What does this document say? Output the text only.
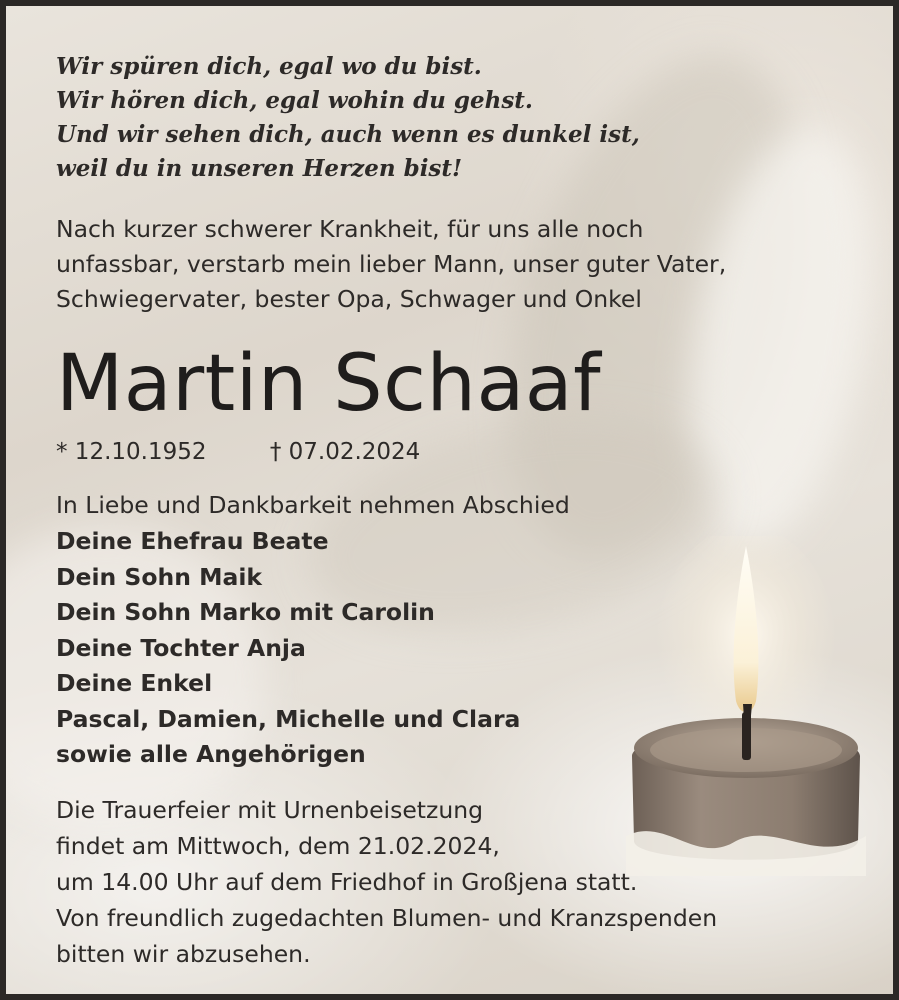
Wir spüren dich, egal wo du bist.
Wir hören dich, egal wohin du gehst.
Und wir sehen dich, auch wenn es dunkel ist,
weil du in unseren Herzen bist!
Nach kurzer schwerer Krankheit, für uns alle noch
unfassbar, verstarb mein lieber Mann, unser guter Vater,
Schwiegervater, bester Opa, Schwager und Onkel
Martin Schaaf
* 12.10.1952	† 07.02.2024
In Liebe und Dankbarkeit nehmen Abschied
Deine Ehefrau Beate
Dein Sohn Maik
Dein Sohn Marko mit Carolin
Deine Tochter Anja
Deine Enkel
Pascal, Damien, Michelle und Clara
sowie alle Angehörigen
Die Trauerfeier mit Urnenbeisetzung
findet am Mittwoch, dem 21.02.2024,
um 14.00 Uhr auf dem Friedhof in Großjena statt.
Von freundlich zugedachten Blumen- und Kranzspenden
bitten wir abzusehen.
